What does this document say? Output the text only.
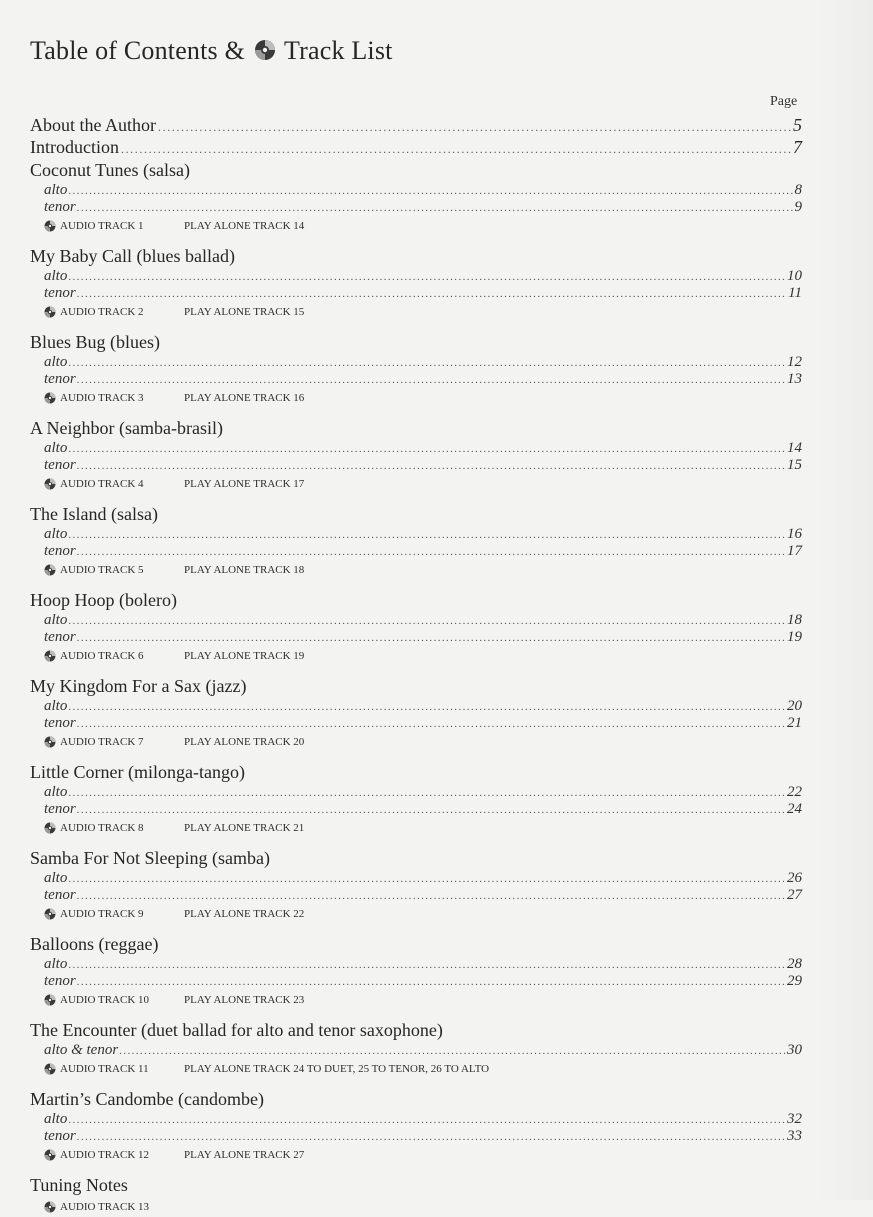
Table of Contents & Track List
Page
About the Author .....	5
Introduction .....	7
Coconut Tunes (salsa)
alto .....	8
tenor .....	9
AUDIO TRACK 1	PLAY ALONE TRACK 14
My Baby Call (blues ballad)
alto .....	10
tenor .....	11
AUDIO TRACK 2	PLAY ALONE TRACK 15
Blues Bug (blues)
alto .....	12
tenor .....	13
AUDIO TRACK 3	PLAY ALONE TRACK 16
A Neighbor (samba-brasil)
alto .....	14
tenor .....	15
AUDIO TRACK 4	PLAY ALONE TRACK 17
The Island (salsa)
alto .....	16
tenor .....	17
AUDIO TRACK 5	PLAY ALONE TRACK 18
Hoop Hoop (bolero)
alto .....	18
tenor .....	19
AUDIO TRACK 6	PLAY ALONE TRACK 19
My Kingdom For a Sax (jazz)
alto .....	20
tenor .....	21
AUDIO TRACK 7	PLAY ALONE TRACK 20
Little Corner (milonga-tango)
alto .....	22
tenor .....	24
AUDIO TRACK 8	PLAY ALONE TRACK 21
Samba For Not Sleeping (samba)
alto .....	26
tenor .....	27
AUDIO TRACK 9	PLAY ALONE TRACK 22
Balloons (reggae)
alto .....	28
tenor .....	29
AUDIO TRACK 10	PLAY ALONE TRACK 23
The Encounter (duet ballad for alto and tenor saxophone)
alto & tenor .....	30
AUDIO TRACK 11	PLAY ALONE TRACK 24 TO DUET, 25 TO TENOR, 26 TO ALTO
Martin’s Candombe (candombe)
alto .....	32
tenor .....	33
AUDIO TRACK 12	PLAY ALONE TRACK 27
Tuning Notes
AUDIO TRACK 13
